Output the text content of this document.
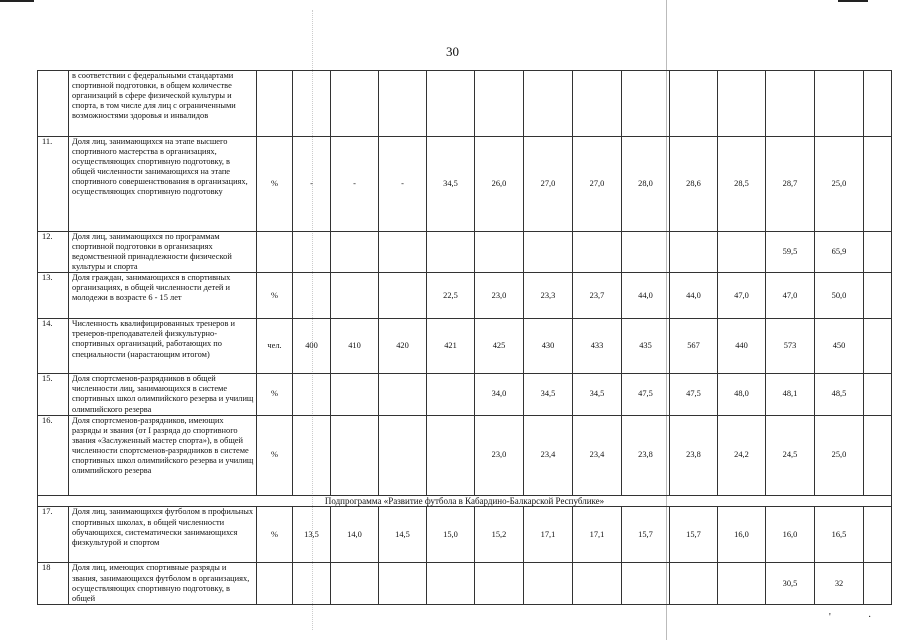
30
	в соответствии с федеральными стандартами спортивной подготовки, в общем количестве организаций в сфере физической культуры и спорта, в том числе для лиц с ограниченными возможностями здоровья и инвалидов														
11.	Доля лиц, занимающихся на этапе высшего спортивного мастерства в организациях, осуществляющих спортивную подготовку, в общей численности занимающихся на этапе спортивного совершенствования в организациях, осуществляющих спортивную подготовку	%	-	-	-	34,5	26,0	27,0	27,0	28,0	28,6	28,5	28,7	25,0	
12.	Доля лиц, занимающихся по программам спортивной подготовки в организациях ведомственной принадлежности физической культуры и спорта												59,5	65,9	
13.	Доля граждан, занимающихся в спортивных организациях, в общей численности детей и молодежи в возрасте 6 - 15 лет	%				22,5	23,0	23,3	23,7	44,0	44,0	47,0	47,0	50,0	
14.	Численность квалифицированных тренеров и тренеров-преподавателей физкультурно-спортивных организаций, работающих по специальности (нарастающим итогом)	чел.	400	410	420	421	425	430	433	435	567	440	573	450	
15.	Доля спортсменов-разрядников в общей численности лиц, занимающихся в системе спортивных школ олимпийского резерва и училищ олимпийского резерва	%					34,0	34,5	34,5	47,5	47,5	48,0	48,1	48,5	
16.	Доля спортсменов-разрядников, имеющих разряды и звания (от I разряда до спортивного звания «Заслуженный мастер спорта»), в общей численности спортсменов-разрядников в системе спортивных школ олимпийского резерва и училищ олимпийского резерва	%					23,0	23,4	23,4	23,8	23,8	24,2	24,5	25,0	
Подпрограмма «Развитие футбола в Кабардино-Балкарской Республике»															
17.	Доля лиц, занимающихся футболом в профильных спортивных школах, в общей численности обучающихся, систематически занимающихся физкультурой и спортом	%	13,5	14,0	14,5	15,0	15,2	17,1	17,1	15,7	15,7	16,0	16,0	16,5	
18	Доля лиц, имеющих спортивные разряды и звания, занимающихся футболом в организациях, осуществляющих спортивную подготовку, в общей												30,5	32	
'	·
